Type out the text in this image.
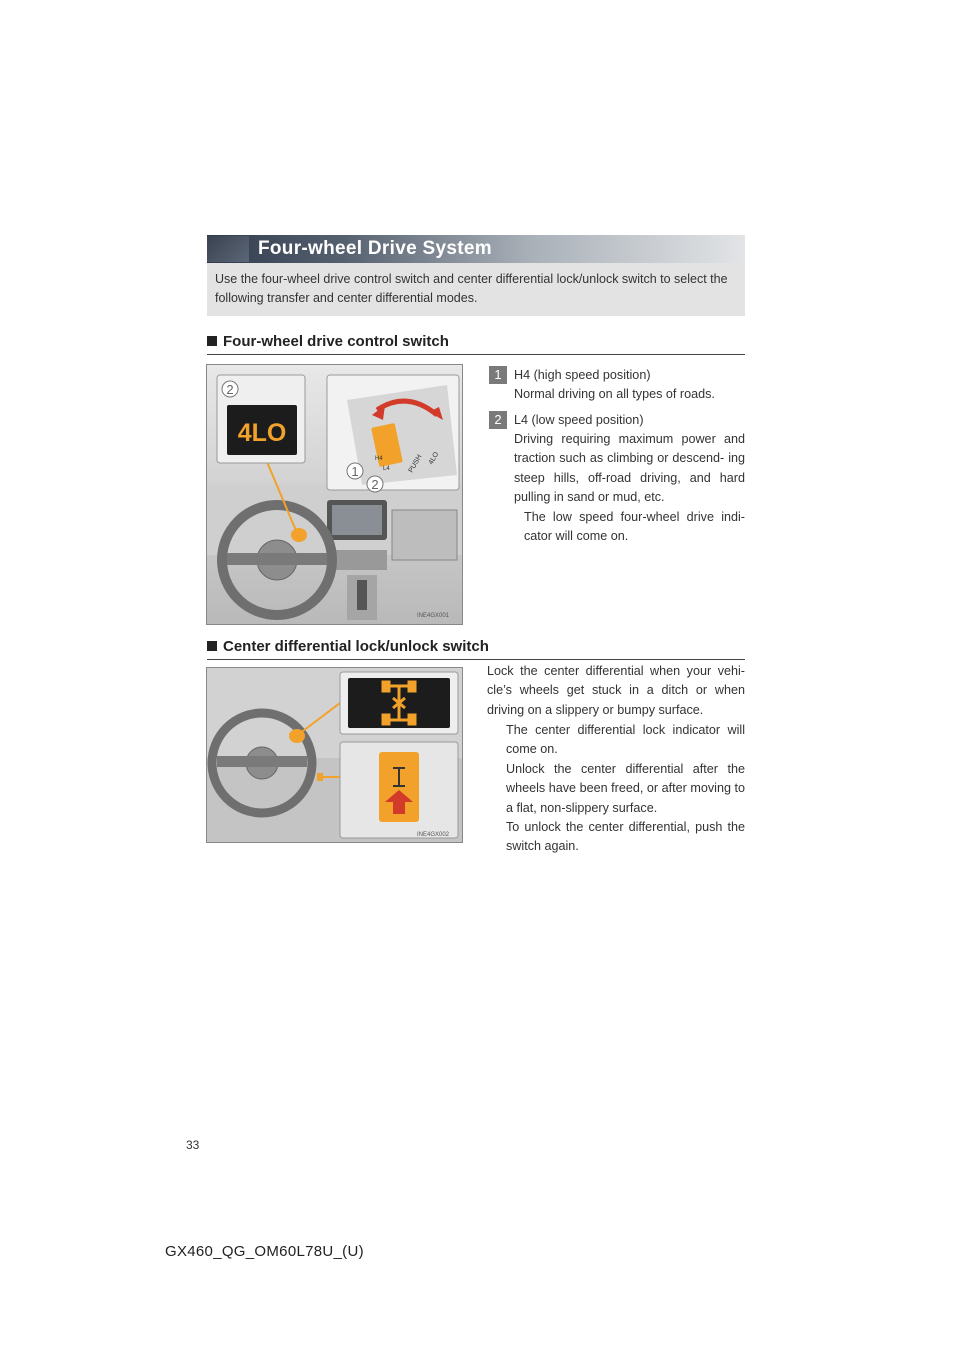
Four-wheel Drive System
Use the four-wheel drive control switch and center differential lock/unlock switch to select the following transfer and center differential modes.
Four-wheel drive control switch
4LO
2
PUSH 4LO
H4
L4
1
2
INE4GX001
1 H4 (high speed position)
Normal driving on all types of roads.
2 L4 (low speed position)
Driving requiring maximum power and traction such as climbing or descend- ing steep hills, off-road driving, and hard pulling in sand or mud, etc.
The low speed four-wheel drive indi- cator will come on.
Center differential lock/unlock switch
INE4GX002
Lock the center differential when your vehi- cle’s wheels get stuck in a ditch or when driving on a slippery or bumpy surface.
The center differential lock indicator will come on.
Unlock the center differential after the wheels have been freed, or after moving to a flat, non-slippery surface.
To unlock the center differential, push the switch again.
33
GX460_QG_OM60L78U_(U)
